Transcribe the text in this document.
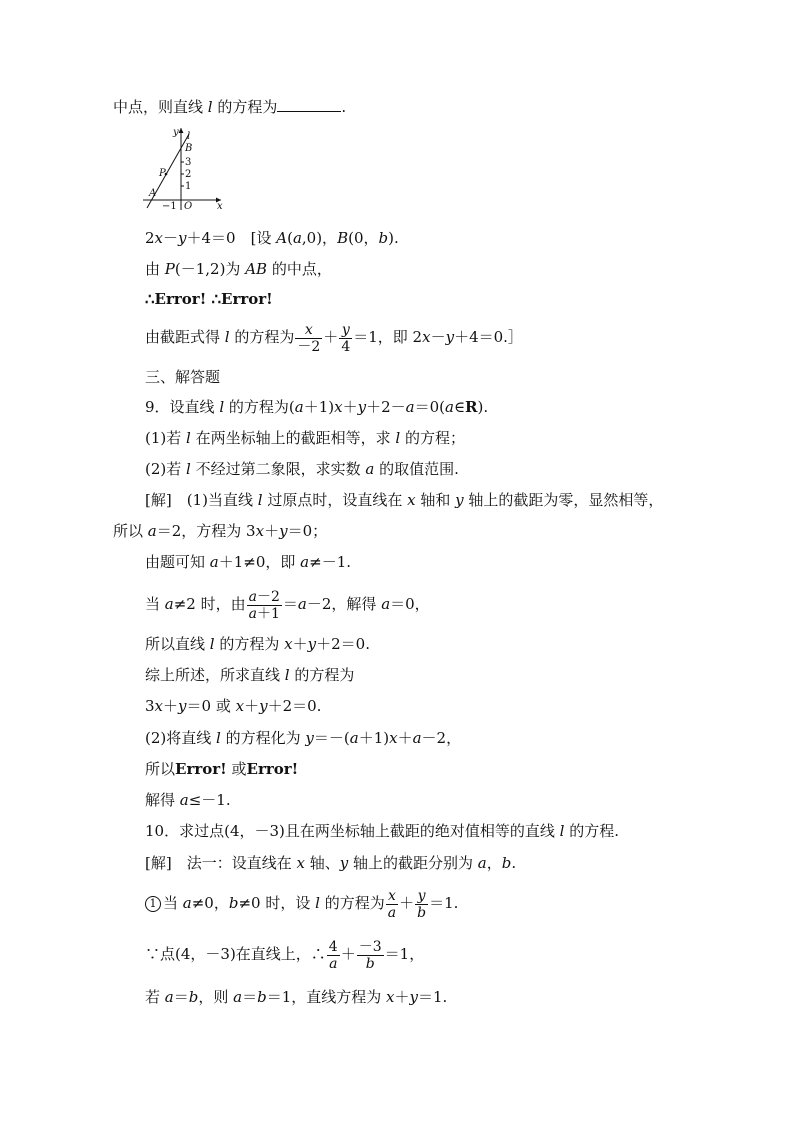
中点，则直线 l 的方程为	.
y
x
l
B
P
A
O
3
2
1
−1
2x－y＋4＝0　[设 A(a,0)，B(0，b).
由 P(－1,2)为 AB 的中点，
∴Error! ∴Error!
由截距式得 l 的方程为 $\frac{x}{-2} + \frac{y}{4} =1$，即 2x－y＋4＝0.］
三、解答题
9．设直线 l 的方程为(a＋1)x＋y＋2－a＝0(a∈R).
(1)若 l 在两坐标轴上的截距相等，求 l 的方程；
(2)若 l 不经过第二象限，求实数 a 的取值范围.
[解]　(1)当直线 l 过原点时，设直线在 x 轴和 y 轴上的截距为零，显然相等，
所以 a＝2，方程为 3x＋y＝0；
由题可知 a＋1≠0，即 a≠－1.
当 a≠2 时，由 $\frac{a-2}{a+1} =a-2$，解得 a＝0，
所以直线 l 的方程为 x＋y＋2＝0.
综上所述，所求直线 l 的方程为
3x＋y＝0 或 x＋y＋2＝0.
(2)将直线 l 的方程化为 y＝－(a＋1)x＋a－2，
所以Error! 或Error!
解得 a≤－1.
10．求过点(4，－3)且在两坐标轴上截距的绝对值相等的直线 l 的方程.
[解]　法一：设直线在 x 轴、y 轴上的截距分别为 a，b.
1 当 a≠0，b≠0 时，设 l 的方程为 $\frac{x}{a} + \frac{y}{b} =1$.
∵点(4，－3)在直线上，∴ $\frac{4}{a} + \frac{-3}{b} =1$，
若 a＝b，则 a＝b＝1，直线方程为 x＋y＝1.
